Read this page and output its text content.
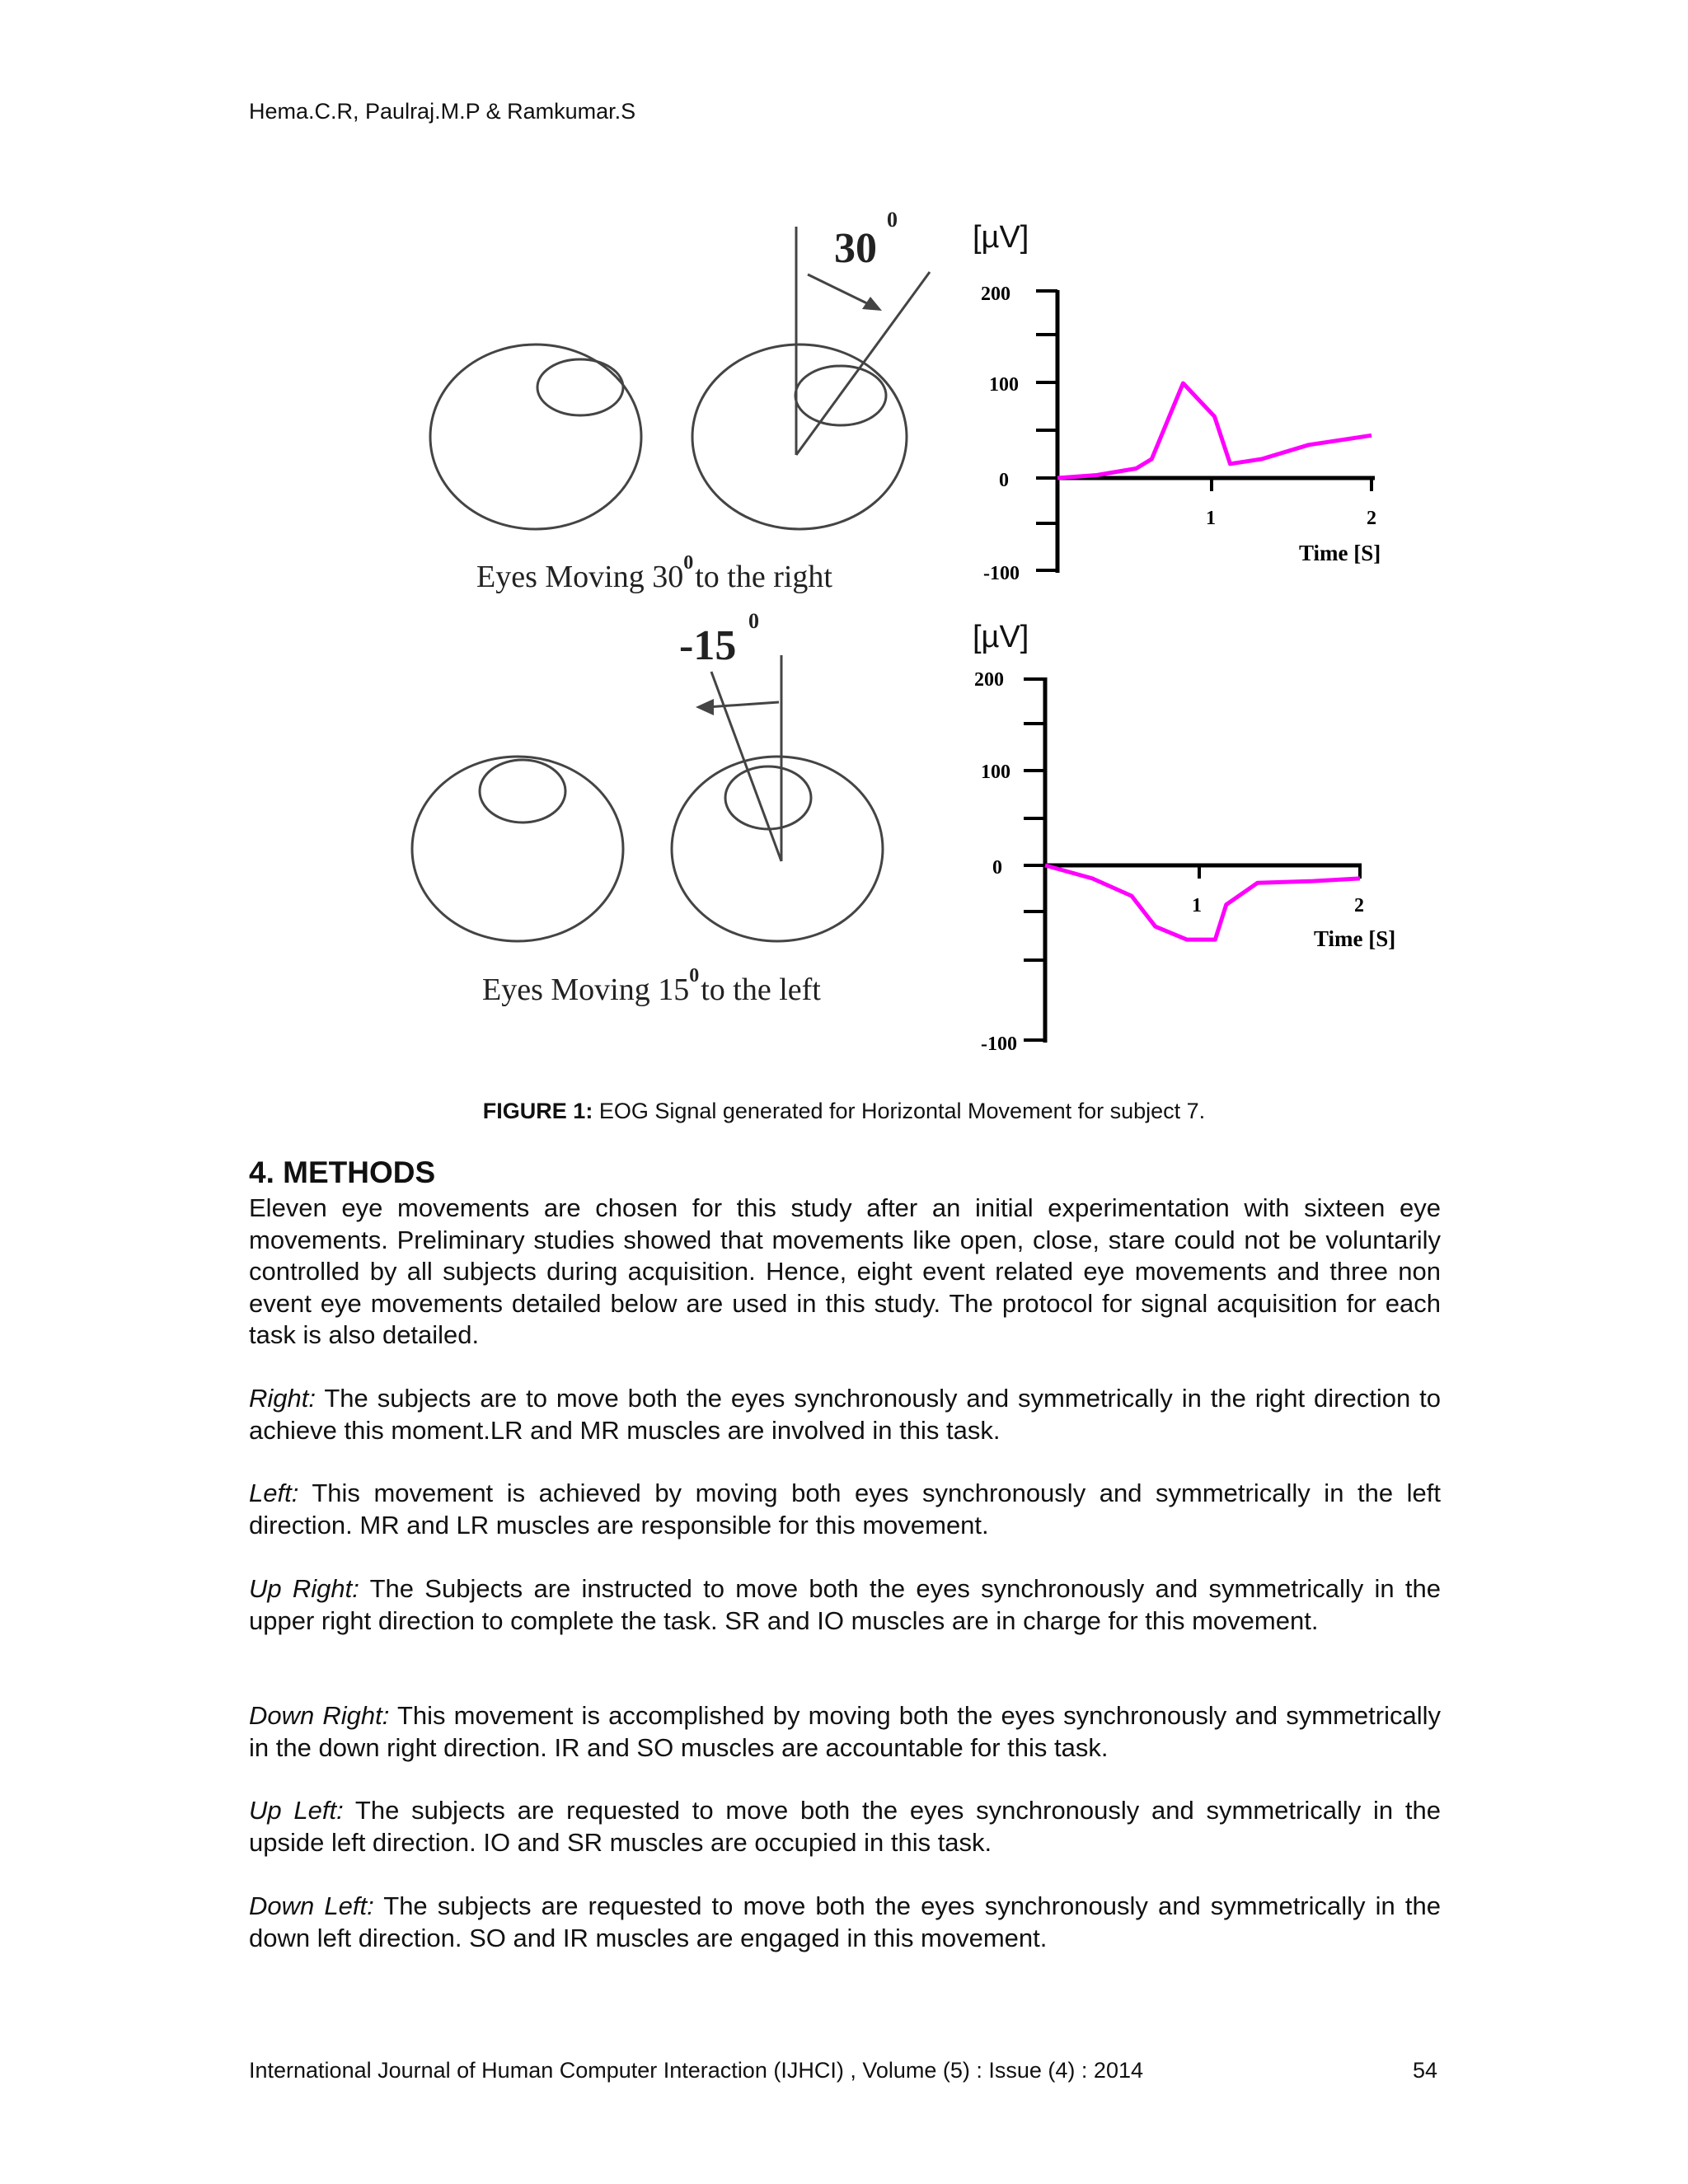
Hema.C.R, Paulraj.M.P & Ramkumar.S
30
0
Eyes Moving $30^0to$ the right
-15
0
Eyes Moving $15^0to$ the left
[µV]
200
100
0
-100
1	2
Time [S]
[µV]
200
100
0
-100
1	2
Time [S]
FIGURE 1: EOG Signal generated for Horizontal Movement for subject 7.
4. METHODS
Eleven eye movements are chosen for this study after an initial experimentation with sixteen eye movements. Preliminary studies showed that movements like open, close, stare could not be voluntarily controlled by all subjects during acquisition. Hence, eight event related eye movements and three non event eye movements detailed below are used in this study. The protocol for signal acquisition for each task is also detailed.
Right: The subjects are to move both the eyes synchronously and symmetrically in the right direction to achieve this moment.LR and MR muscles are involved in this task.
Left: This movement is achieved by moving both eyes synchronously and symmetrically in the left direction. MR and LR muscles are responsible for this movement.
Up Right: The Subjects are instructed to move both the eyes synchronously and symmetrically in the upper right direction to complete the task. SR and IO muscles are in charge for this movement.
Down Right: This movement is accomplished by moving both the eyes synchronously and symmetrically in the down right direction. IR and SO muscles are accountable for this task.
Up Left: The subjects are requested to move both the eyes synchronously and symmetrically in the upside left direction. IO and SR muscles are occupied in this task.
Down Left: The subjects are requested to move both the eyes synchronously and symmetrically in the down left direction. SO and IR muscles are engaged in this movement.
International Journal of Human Computer Interaction (IJHCI) , Volume (5) : Issue (4) : 2014	54
